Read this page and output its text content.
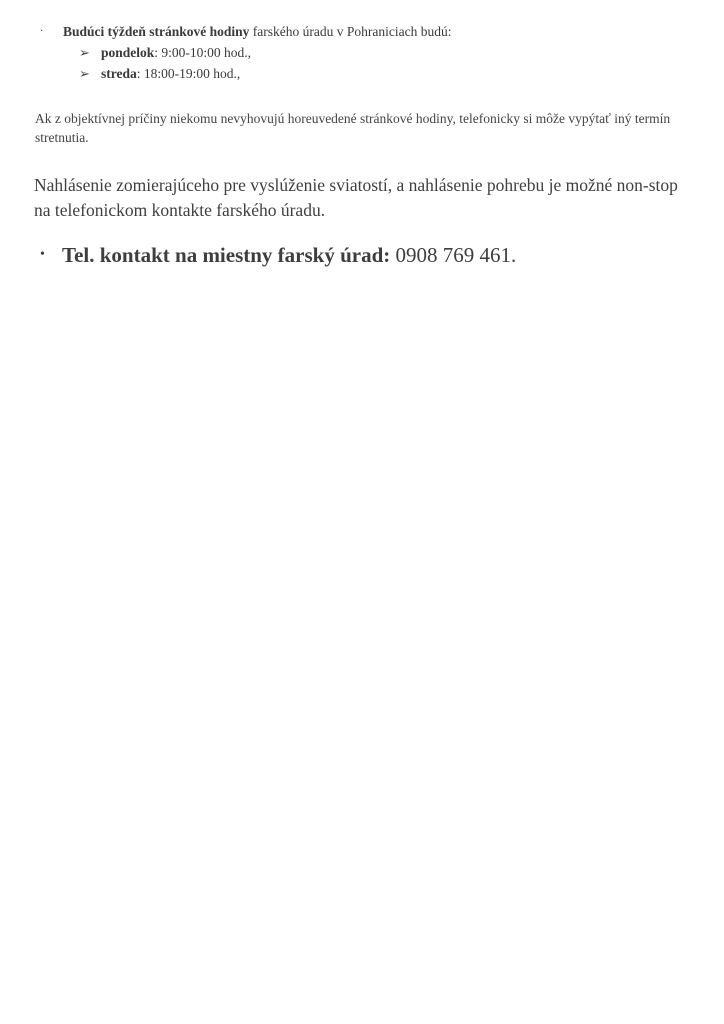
· Budúci týždeň stránkové hodiny farského úradu v Pohraniciach budú:
➢ pondelok: 9:00-10:00 hod.,
➢ streda: 18:00-19:00 hod.,
Ak z objektívnej príčiny niekomu nevyhovujú horeuvedené stránkové hodiny, telefonicky si môže vypýtať iný termín stretnutia.
Nahlásenie zomierajúceho pre vyslúženie sviatostí, a nahlásenie pohrebu je možné non-stop na telefonickom kontakte farského úradu.
• Tel. kontakt na miestny farský úrad: 0908 769 461.
